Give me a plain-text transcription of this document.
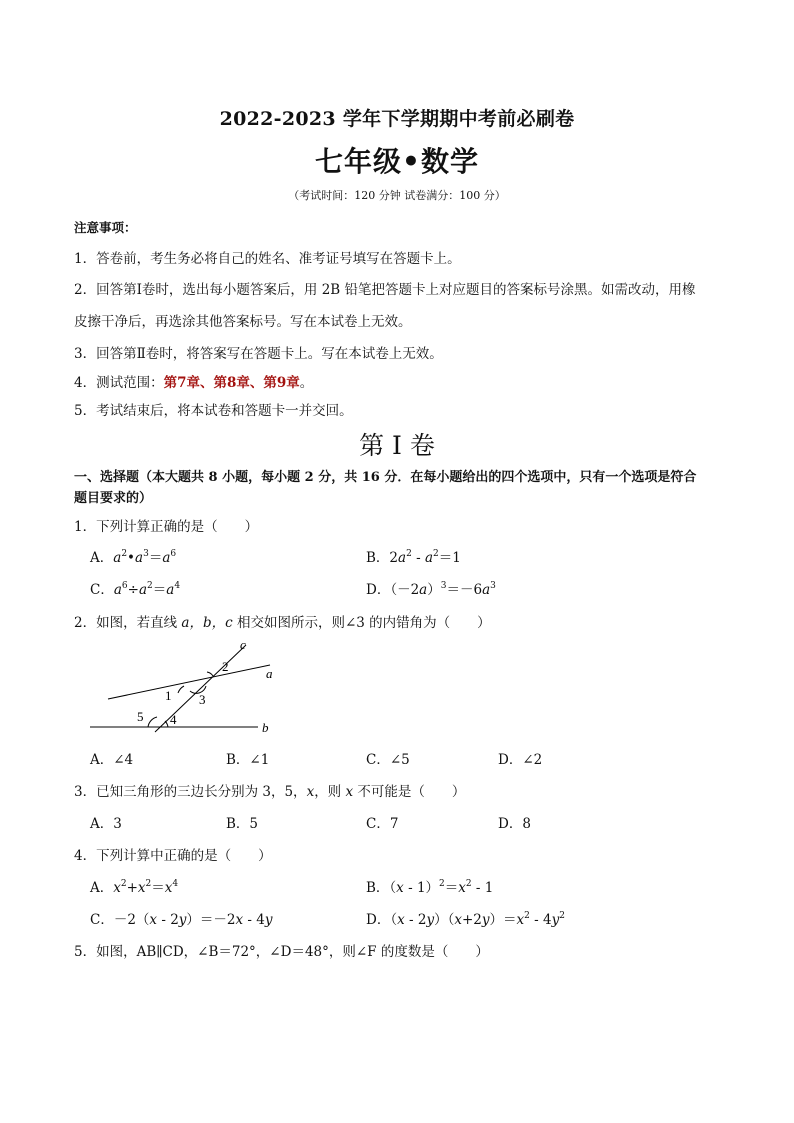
2022-2023 学年下学期期中考前必刷卷
七年级•数学
（考试时间：120 分钟 试卷满分：100 分）
注意事项：
1．答卷前，考生务必将自己的姓名、准考证号填写在答题卡上。
2．回答第Ⅰ卷时，选出每小题答案后，用 2B 铅笔把答题卡上对应题目的答案标号涂黑。如需改动，用橡
皮擦干净后，再选涂其他答案标号。写在本试卷上无效。
3．回答第Ⅱ卷时，将答案写在答题卡上。写在本试卷上无效。
4．测试范围：第7章、第8章、第9章。
5．考试结束后，将本试卷和答题卡一并交回。
第 I 卷
一、选择题（本大题共 8 小题，每小题 2 分，共 16 分．在每小题给出的四个选项中，只有一个选项是符合
题目要求的）
1．下列计算正确的是（　　）
A．$a^2•a^3=a^6$	B．$2a^2 - a^2=1$
C．$a^6\div a^2=a^4$	D．$(-2a)^3=-6a^3$
2．如图，若直线 a，b，c 相交如图所示，则∠3 的内错角为（　　）
c
a
b
1
2
3
4
5
A．∠4	B．∠1	C．∠5	D．∠2
3．已知三角形的三边长分别为 3，5，x，则 x 不可能是（　　）
A．3	B．5	C．7	D．8
4．下列计算中正确的是（　　）
A．$x^2+x^2=x^4$	B．$(x - 1)^2=x^2 - 1$
C．－2（x - 2y）＝－2x - 4y	D．$(x - 2y)(x+2y)=x^2 - 4y^2$
5．如图，AB∥CD，∠B＝72°，∠D＝48°，则∠F 的度数是（　　）
